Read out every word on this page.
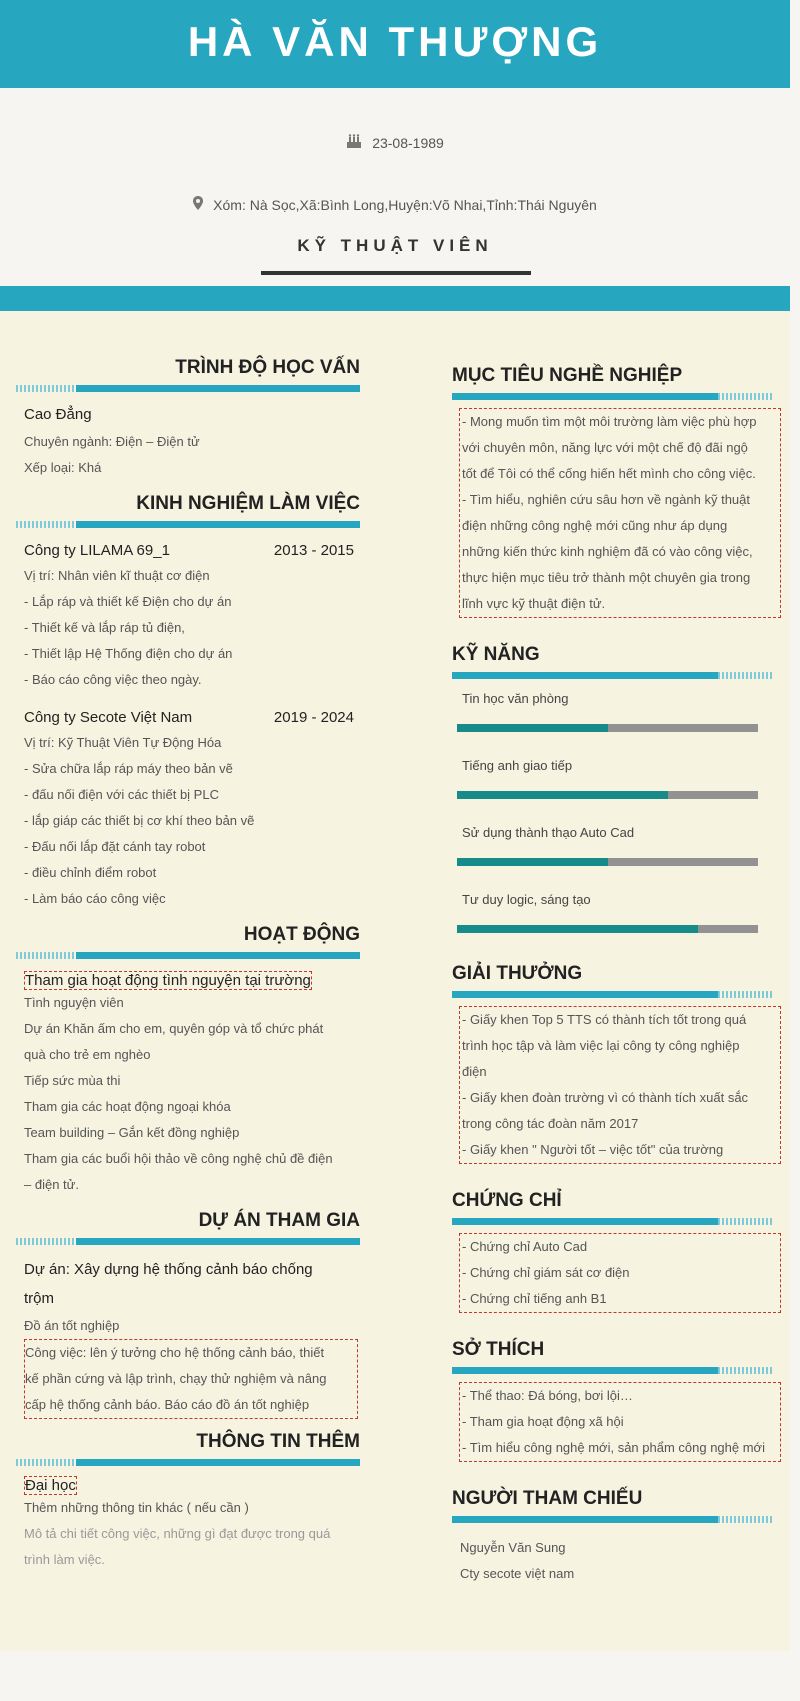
HÀ VĂN THƯỢNG
23-08-1989
Xóm: Nà Sọc,Xã:Bình Long,Huyện:Võ Nhai,Tỉnh:Thái Nguyên
KỸ THUẬT VIÊN
TRÌNH ĐỘ HỌC VẤN
Cao Đẳng
Chuyên ngành: Điện – Điện tử
Xếp loại: Khá
KINH NGHIỆM LÀM VIỆC
Công ty LILAMA 69_1	2013 - 2015
Vị trí: Nhân viên kĩ thuật cơ điện
- Lắp ráp và thiết kế Điện cho dự án
- Thiết kế và lắp ráp tủ điện,
- Thiết lập Hệ Thống điện cho dự án
- Báo cáo công việc theo ngày.
Công ty Secote Việt Nam	2019 - 2024
Vị trí: Kỹ Thuật Viên Tự Động Hóa
- Sửa chữa lắp ráp máy theo bản vẽ
- đấu nối điện với các thiết bị PLC
- lắp giáp các thiết bị cơ khí theo bản vẽ
- Đấu nối lắp đặt cánh tay robot
- điều chỉnh điểm robot
- Làm báo cáo công việc
HOẠT ĐỘNG
Tham gia hoạt động tình nguyện tại trường
Tình nguyện viên
Dự án Khăn ấm cho em, quyên góp và tổ chức phát
quà cho trẻ em nghèo
Tiếp sức mùa thi
Tham gia các hoạt động ngoại khóa
Team building – Gắn kết đồng nghiệp
Tham gia các buổi hội thảo về công nghệ chủ đề điện
– điện tử.
DỰ ÁN THAM GIA
Dự án: Xây dựng hệ thống cảnh báo chống
trộm
Đồ án tốt nghiệp
Công việc: lên ý tưởng cho hệ thống cảnh báo, thiết
kế phần cứng và lập trình, chạy thử nghiệm và nâng
cấp hệ thống cảnh báo. Báo cáo đồ án tốt nghiệp
THÔNG TIN THÊM
Đại học
Thêm những thông tin khác ( nếu cần )
Mô tả chi tiết công việc, những gì đạt được trong quá
trình làm việc.
MỤC TIÊU NGHỀ NGHIỆP
- Mong muốn tìm một môi trường làm việc phù hợp
với chuyên môn, năng lực với một chế độ đãi ngộ
tốt để Tôi có thể cống hiến hết mình cho công việc.
- Tìm hiểu, nghiên cứu sâu hơn về ngành kỹ thuật
điện những công nghệ mới cũng như áp dụng
những kiến thức kinh nghiệm đã có vào công việc,
thực hiện mục tiêu trở thành một chuyên gia trong
lĩnh vực kỹ thuật điện tử.
KỸ NĂNG
Tin học văn phòng
Tiếng anh giao tiếp
Sử dụng thành thạo Auto Cad
Tư duy logic, sáng tạo
GIẢI THƯỞNG
- Giấy khen Top 5 TTS có thành tích tốt trong quá
trình học tập và làm việc lại công ty công nghiệp
điện
- Giấy khen đoàn trường vì có thành tích xuất sắc
trong công tác đoàn năm 2017
- Giấy khen " Người tốt – việc tốt" của trường
CHỨNG CHỈ
- Chứng chỉ Auto Cad
- Chứng chỉ giám sát cơ điện
- Chứng chỉ tiếng anh B1
SỞ THÍCH
- Thể thao: Đá bóng, bơi lội…
- Tham gia hoạt động xã hội
- Tìm hiểu công nghệ mới, sản phẩm công nghệ mới
NGƯỜI THAM CHIẾU
Nguyễn Văn Sung
Cty secote việt nam
